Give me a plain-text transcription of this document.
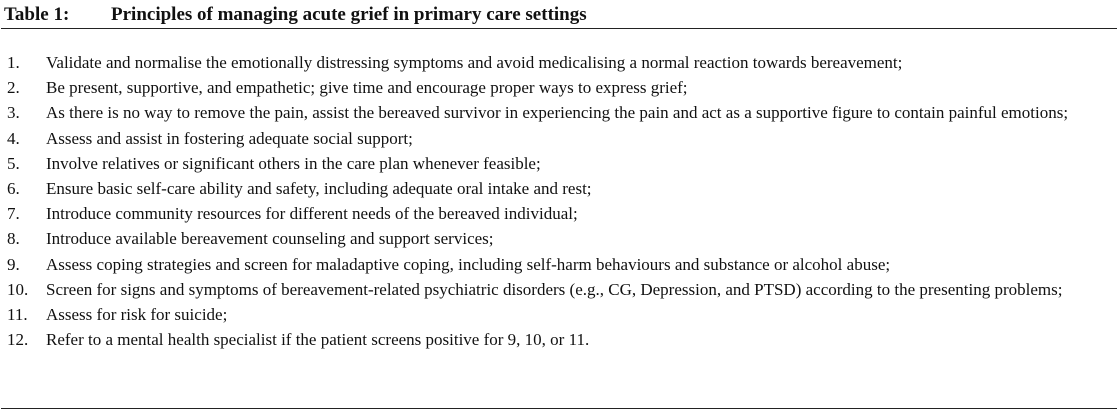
Table 1:	Principles of managing acute grief in primary care settings
1.	Validate and normalise the emotionally distressing symptoms and avoid medicalising a normal reaction towards bereavement;
2.	Be present, supportive, and empathetic; give time and encourage proper ways to express grief;
3.	As there is no way to remove the pain, assist the bereaved survivor in experiencing the pain and act as a supportive figure to contain painful emotions;
4.	Assess and assist in fostering adequate social support;
5.	Involve relatives or significant others in the care plan whenever feasible;
6.	Ensure basic self-care ability and safety, including adequate oral intake and rest;
7.	Introduce community resources for different needs of the bereaved individual;
8.	Introduce available bereavement counseling and support services;
9.	Assess coping strategies and screen for maladaptive coping, including self-harm behaviours and substance or alcohol abuse;
10.	Screen for signs and symptoms of bereavement-related psychiatric disorders (e.g., CG, Depression, and PTSD) according to the presenting problems;
11.	Assess for risk for suicide;
12.	Refer to a mental health specialist if the patient screens positive for 9, 10, or 11.
